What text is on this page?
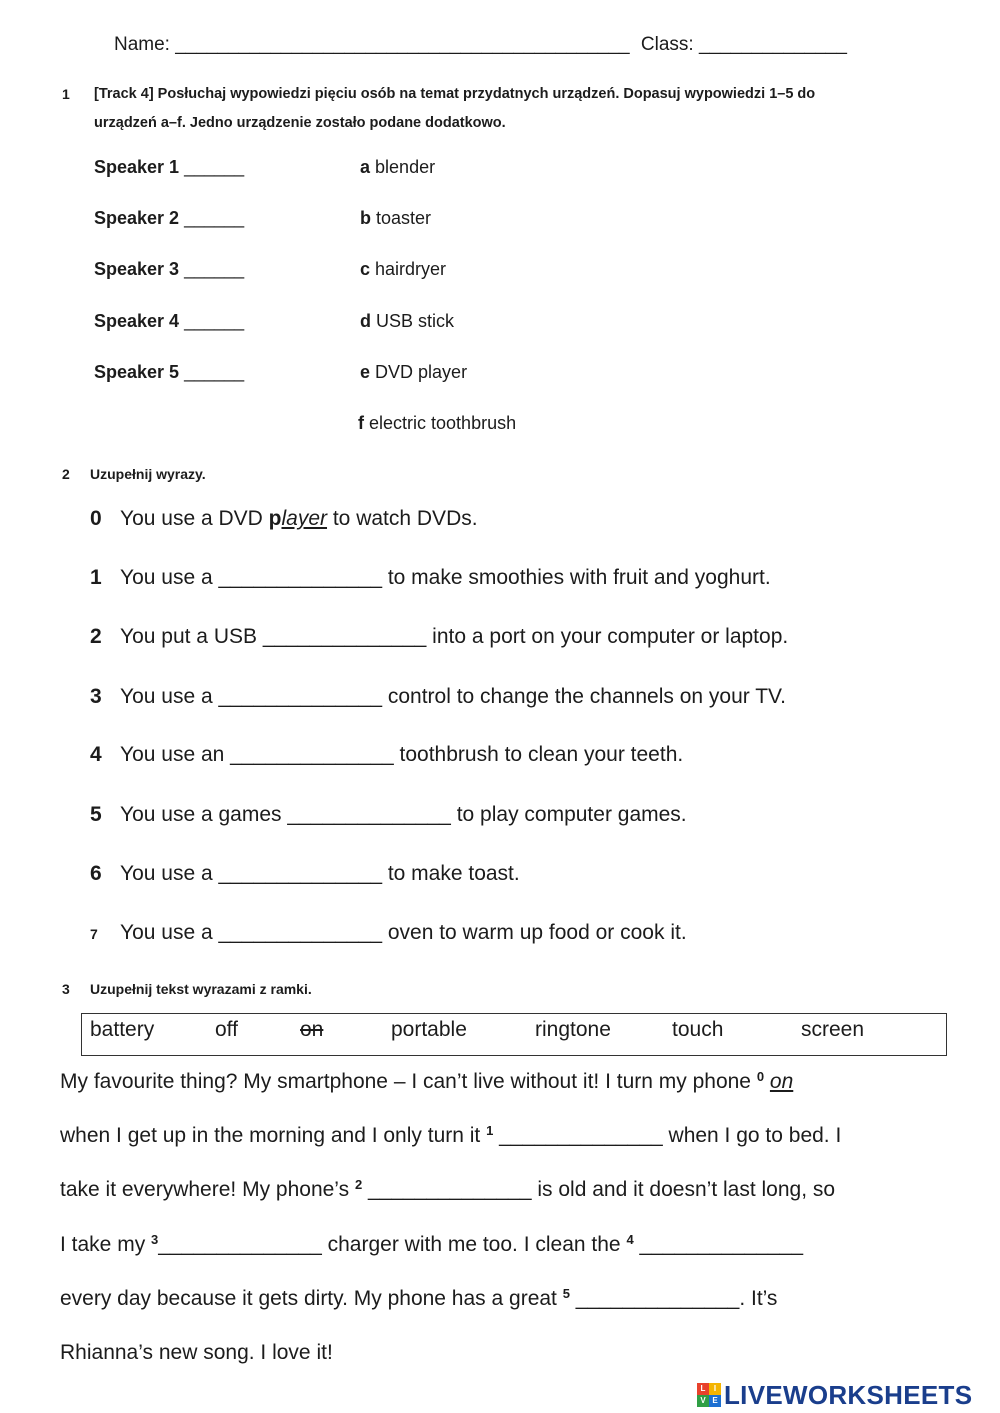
Name: ___________________________________________ Class: ______________
1 [Track 4] Posłuchaj wypowiedzi pięciu osób na temat przydatnych urządzeń. Dopasuj wypowiedzi 1–5 do
urządzeń a–f. Jedno urządzenie zostało podane dodatkowo.
Speaker 1 ______
Speaker 2 ______
Speaker 3 ______
Speaker 4 ______
Speaker 5 ______
a blender
b toaster
c hairdryer
d USB stick
e DVD player
f electric toothbrush
2 Uzupełnij wyrazy.
0 You use a DVD player to watch DVDs.
1 You use a ______________ to make smoothies with fruit and yoghurt.
2 You put a USB ______________ into a port on your computer or laptop.
3 You use a ______________ control to change the channels on your TV.
4 You use an ______________ toothbrush to clean your teeth.
5 You use a games ______________ to play computer games.
6 You use a ______________ to make toast.
7 You use a ______________ oven to warm up food or cook it.
3 Uzupełnij tekst wyrazami z ramki.
battery	off	on	portable	ringtone	touch	screen
My favourite thing? My smartphone – I can’t live without it! I turn my phone $^0$ on
when I get up in the morning and I only turn it $^1$ ______________ when I go to bed. I
take it everywhere! My phone’s $^2$ ______________ is old and it doesn’t last long, so
I take my $^3$______________ charger with me too. I clean the $^4$ ______________
every day because it gets dirty. My phone has a great $^5$ ______________. It’s
Rhianna’s new song. I love it!
L	I
V E LIVEWORKSHEETS
